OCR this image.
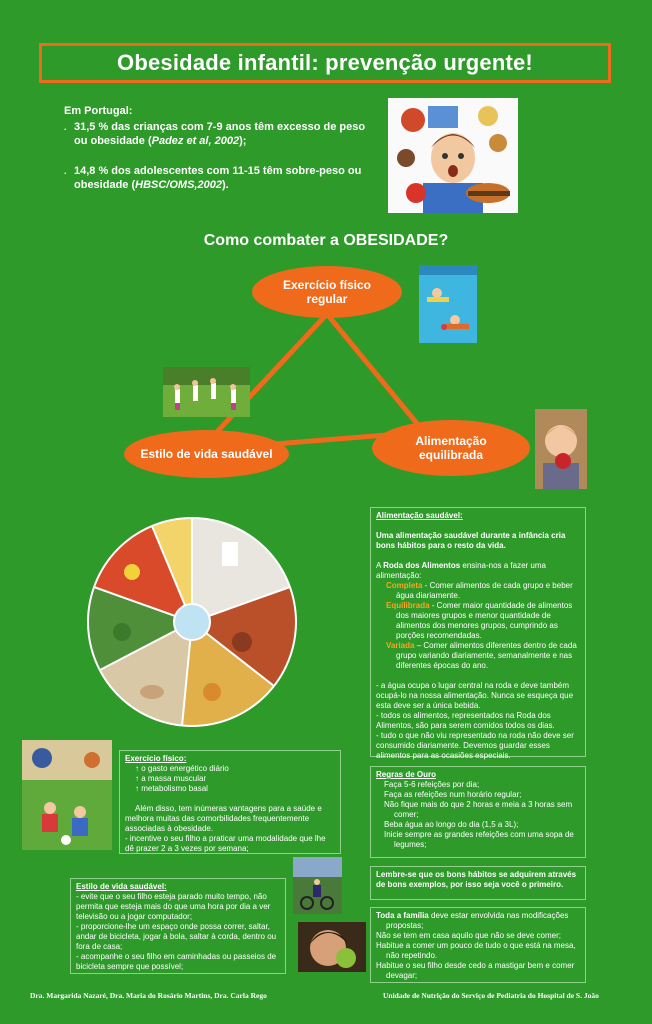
Obesidade infantil: prevenção urgente!

Em Portugal:

. 31,5 % das crianças com 7-9 anos têm excesso de peso ou obesidade (Padez et al, 2002);
. 14,8 % dos adolescentes com 11-15 têm sobre-peso ou obesidade (HBSC/OMS,2002).
Como combater a OBESIDADE?
Exercício físico regular
Estilo de vida saudável
Alimentação equilibrada

Alimentação saudável:

Uma alimentação saudável durante a infância cria bons hábitos para o resto da vida.

A Roda dos Alimentos ensina-nos a fazer uma alimentação:

Completa - Comer alimentos de cada grupo e beber água diariamente.

Equilibrada - Comer maior quantidade de alimentos dos maiores grupos e menor quantidade de alimentos dos menores grupos, cumprindo as porções recomendadas.

Variada – Comer alimentos diferentes dentro de cada grupo variando diariamente, semanalmente e nas diferentes épocas do ano.

- a água ocupa o lugar central na roda e deve também ocupá-lo na nossa alimentação. Nunca se esqueça que esta deve ser a única bebida.

- todos os alimentos, representados na Roda dos Alimentos, são para serem comidos todos os dias.

- tudo o que não viu representado na roda não deve ser consumido diariamente. Devemos guardar esses alimentos para as ocasiões especiais.

Exercício físico:

↑ o gasto energético diário

↑ a massa muscular

↑ metabolismo basal

Além disso, tem inúmeras vantagens para a saúde e melhora muitas das comorbilidades frequentemente associadas à obesidade.

- incentive o seu filho a praticar uma modalidade que lhe dê prazer 2 a 3 vezes por semana;

Regras de Ouro

Faça 5-6 refeições por dia;

Faça as refeições num horário regular;

Não fique mais do que 2 horas e meia a 3 horas sem comer;

Beba água ao longo do dia (1,5 a 3L);

Inicie sempre as grandes refeições com uma sopa de legumes;

Lembre-se que os bons hábitos se adquirem através de bons exemplos, por isso seja você o primeiro.

Toda a família deve estar envolvida nas modificações propostas;

Não se tem em casa aquilo que não se deve comer;

Habitue a comer um pouco de tudo o que está na mesa, não repetindo.

Habitue o seu filho desde cedo a mastigar bem e comer devagar;

Estilo de vida saudável:

- evite que o seu filho esteja parado muito tempo, não permita que esteja mais do que uma hora por dia a ver televisão ou a jogar computador;

- proporcione-lhe um espaço onde possa correr, saltar, andar de bicicleta, jogar à bola, saltar à corda, dentro ou fora de casa;

- acompanhe o seu filho em caminhadas ou passeios de bicicleta sempre que possível;

Dra. Margarida Nazaré, Dra. Maria do Rosário Martins, Dra. Carla Rego	Unidade de Nutrição do Serviço de Pediatria do Hospital de S. João
